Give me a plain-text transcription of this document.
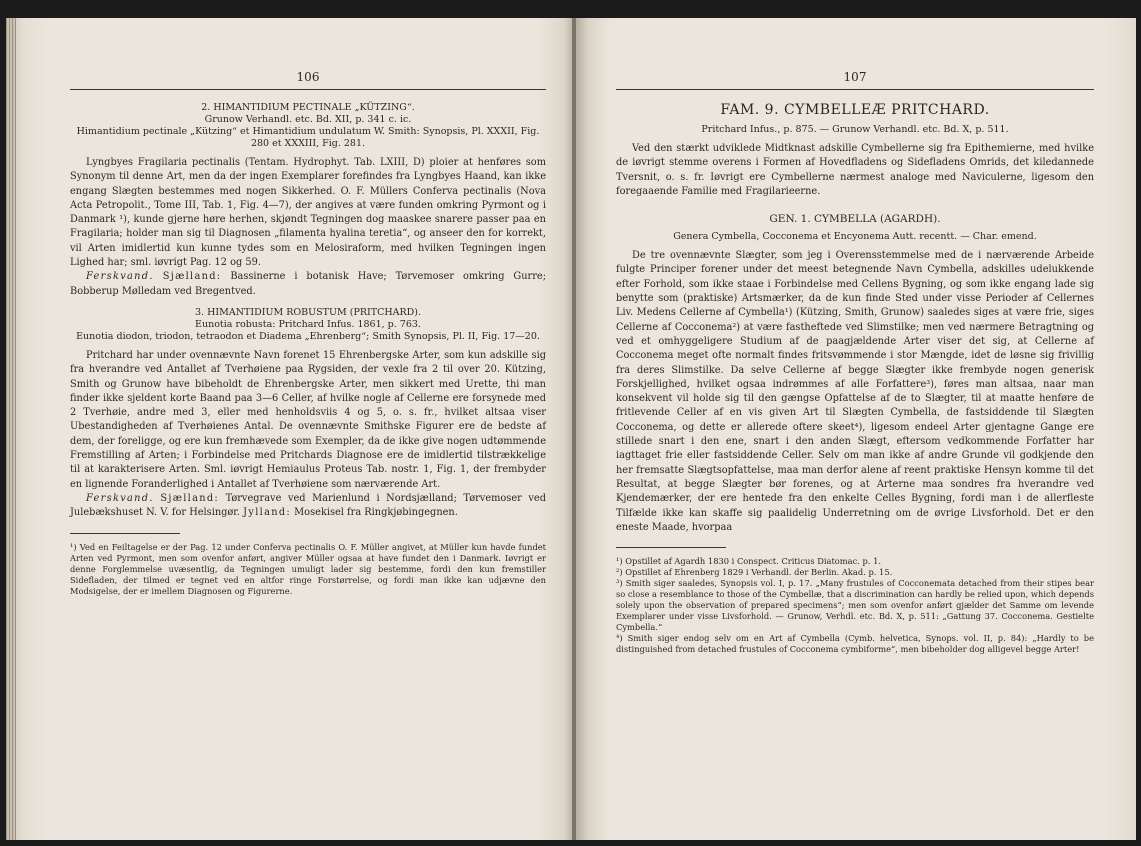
106
2. HIMANTIDIUM PECTINALE „KÜTZING“.
Grunow Verhandl. etc. Bd. XII, p. 341 c. ic.
Himantidium pectinale „Kützing“ et Himantidium undulatum W. Smith: Synopsis, Pl. XXXII, Fig. 280 et XXXIII, Fig. 281.

Lyngbyes Fragilaria pectinalis (Tentam. Hydrophyt. Tab. LXIII, D) ploier at henføres som Synonym til denne Art, men da der ingen Exemplarer forefindes fra Lyngbyes Haand, kan ikke engang Slægten bestemmes med nogen Sikkerhed. O. F. Müllers Conferva pectinalis (Nova Acta Petropolit., Tome III, Tab. 1, Fig. 4—7), der angives at være funden omkring Pyrmont og i Danmark ¹), kunde gjerne høre herhen, skjøndt Tegningen dog maaskee snarere passer paa en Fragilaria; holder man sig til Diagnosen „filamenta hyalina teretia“, og anseer den for korrekt, vil Arten imidlertid kun kunne tydes som en Melosiraform, med hvilken Tegningen ingen Lighed har; sml. iøvrigt Pag. 12 og 59.

Ferskvand. Sjælland: Bassinerne i botanisk Have; Tørvemoser omkring Gurre; Bobberup Mølledam ved Bregentved.

3. HIMANTIDIUM ROBUSTUM (PRITCHARD).
Eunotia robusta: Pritchard Infus. 1861, p. 763.
Eunotia diodon, triodon, tetraodon et Diadema „Ehrenberg“; Smith Synopsis, Pl. II, Fig. 17—20.

Pritchard har under ovennævnte Navn forenet 15 Ehrenbergske Arter, som kun adskille sig fra hverandre ved Antallet af Tverhøiene paa Rygsiden, der vexle fra 2 til over 20. Kützing, Smith og Grunow have bibeholdt de Ehrenbergske Arter, men sikkert med Urette, thi man finder ikke sjeldent korte Baand paa 3—6 Celler, af hvilke nogle af Cellerne ere forsynede med 2 Tverhøie, andre med 3, eller med henholdsviis 4 og 5, o. s. fr., hvilket altsaa viser Ubestandigheden af Tverhøienes Antal. De ovennævnte Smithske Figurer ere de bedste af dem, der foreligge, og ere kun fremhævede som Exempler, da de ikke give nogen udtømmende Fremstilling af Arten; i Forbindelse med Pritchards Diagnose ere de imidlertid tilstrækkelige til at karakterisere Arten. Sml. iøvrigt Hemiaulus Proteus Tab. nostr. 1, Fig. 1, der frembyder en lignende Foranderlighed i Antallet af Tverhøiene som nærværende Art.

Ferskvand. Sjælland: Tørvegrave ved Marienlund i Nordsjælland; Tørvemoser ved Julebækshuset N. V. for Helsingør. Jylland: Mosekisel fra Ringkjøbingegnen.

¹) Ved en Feiltagelse er der Pag. 12 under Conferva pectinalis O. F. Müller angivet, at Müller kun havde fundet Arten ved Pyrmont, men som ovenfor anført, angiver Müller ogsaa at have fundet den i Danmark. Iøvrigt er denne Forglemmelse uvæsentlig, da Tegningen umuligt lader sig bestemme, fordi den kun fremstiller Sidefladen, der tilmed er tegnet ved en altfor ringe Forstørrelse, og fordi man ikke kan udjævne den Modsigelse, der er imellem Diagnosen og Figurerne.
107
FAM. 9. CYMBELLEÆ PRITCHARD.
Pritchard Infus., p. 875. — Grunow Verhandl. etc. Bd. X, p. 511.

Ved den stærkt udviklede Midtknast adskille Cymbellerne sig fra Epithemierne, med hvilke de iøvrigt stemme overens i Formen af Hovedfladens og Sidefladens Omrids, det kiledannede Tversnit, o. s. fr. Iøvrigt ere Cymbellerne nærmest analoge med Naviculerne, ligesom den foregaaende Familie med Fragilarieerne.

GEN. 1. CYMBELLA (AGARDH).
Genera Cymbella, Cocconema et Encyonema Autt. recentt. — Char. emend.

De tre ovennævnte Slægter, som jeg i Overensstemmelse med de i nærværende Arbeide fulgte Principer forener under det meest betegnende Navn Cymbella, adskilles udelukkende efter Forhold, som ikke staae i Forbindelse med Cellens Bygning, og som ikke engang lade sig benytte som (praktiske) Artsmærker, da de kun finde Sted under visse Perioder af Cellernes Liv. Medens Cellerne af Cymbella¹) (Kützing, Smith, Grunow) saaledes siges at være frie, siges Cellerne af Cocconema²) at være fastheftede ved Slimstilke; men ved nærmere Betragtning og ved et omhyggeligere Studium af de paagjældende Arter viser det sig, at Cellerne af Cocconema meget ofte normalt findes fritsvømmende i stor Mængde, idet de løsne sig frivillig fra deres Slimstilke. Da selve Cellerne af begge Slægter ikke frembyde nogen generisk Forskjellighed, hvilket ogsaa indrømmes af alle Forfattere³), føres man altsaa, naar man konsekvent vil holde sig til den gængse Opfattelse af de to Slægter, til at maatte henføre de fritlevende Celler af en vis given Art til Slægten Cymbella, de fastsiddende til Slægten Cocconema, og dette er allerede oftere skeet⁴), ligesom endeel Arter gjentagne Gange ere stillede snart i den ene, snart i den anden Slægt, eftersom vedkommende Forfatter har iagttaget frie eller fastsiddende Celler. Selv om man ikke af andre Grunde vil godkjende den her fremsatte Slægtsopfattelse, maa man derfor alene af reent praktiske Hensyn komme til det Resultat, at begge Slægter bør forenes, og at Arterne maa sondres fra hverandre ved Kjendemærker, der ere hentede fra den enkelte Celles Bygning, fordi man i de allerfleste Tilfælde ikke kan skaffe sig paalidelig Underretning om de øvrige Livsforhold. Det er den eneste Maade, hvorpaa

¹) Opstillet af Agardh 1830 i Conspect. Criticus Diatomac. p. 1.
²) Opstillet af Ehrenberg 1829 i Verhandl. der Berlin. Akad. p. 15.
³) Smith siger saaledes, Synopsis vol. I, p. 17. „Many frustules of Cocconemata detached from their stipes bear so close a resemblance to those of the Cymbellæ, that a discrimination can hardly be relied upon, which depends solely upon the observation of prepared specimens“; men som ovenfor anført gjælder det Samme om levende Exemplarer under visse Livsforhold. — Grunow, Verhdl. etc. Bd. X, p. 511: „Gattung 37. Cocconema. Gestielte Cymbella.“
⁴) Smith siger endog selv om en Art af Cymbella (Cymb. helvetica, Synops. vol. II, p. 84): „Hardly to be distinguished from detached frustules of Cocconema cymbiforme“, men bibeholder dog alligevel begge Arter!
